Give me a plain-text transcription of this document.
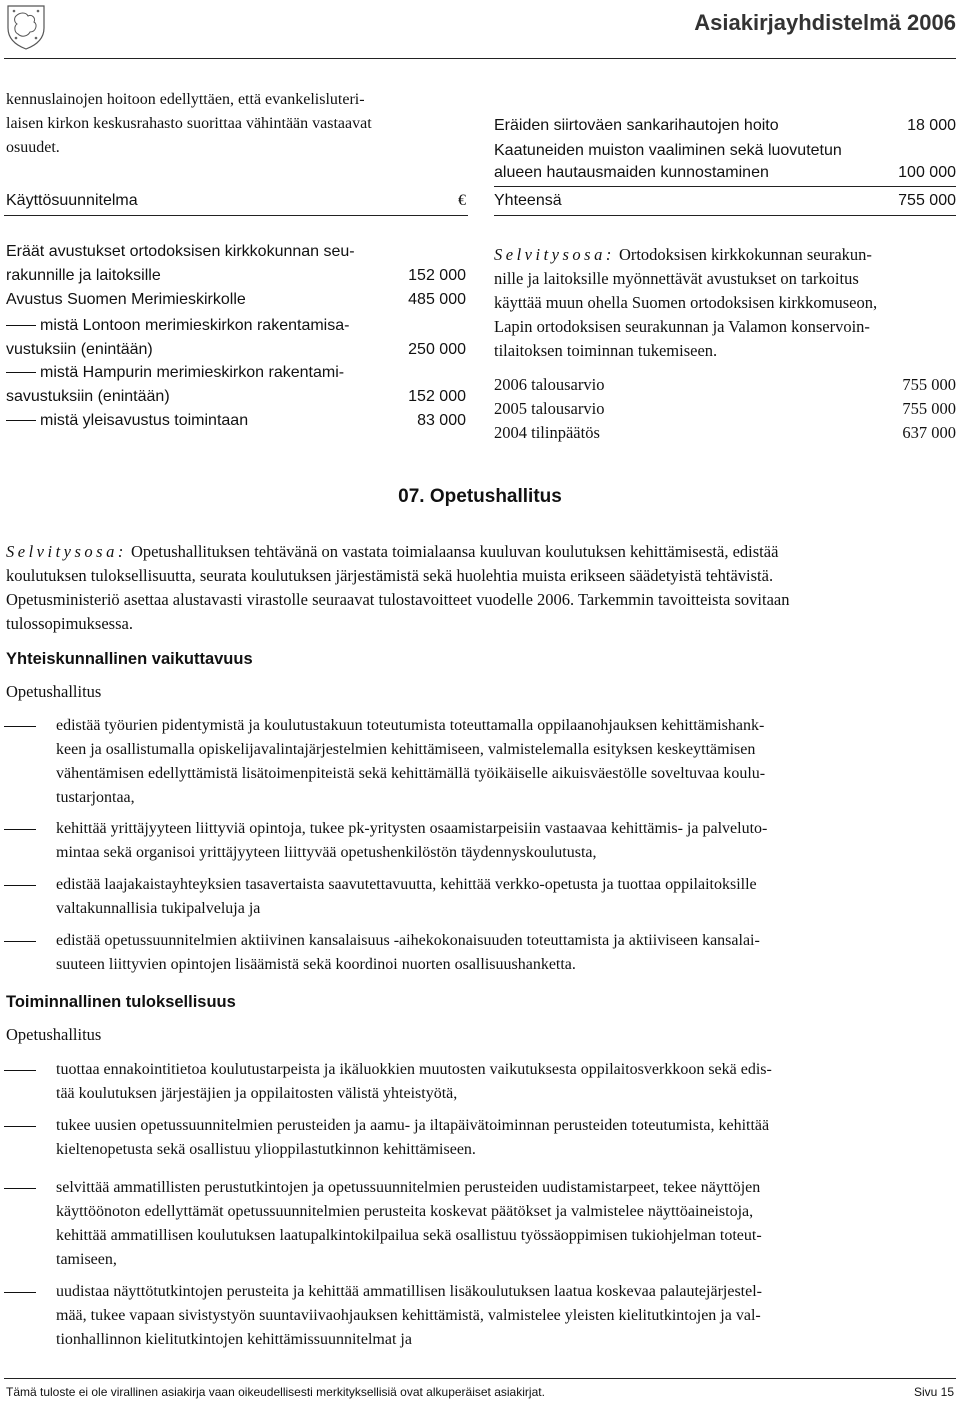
Asiakirjayhdistelmä 2006
kennuslainojen hoitoon edellyttäen, että evankelisluteri-
laisen kirkon keskusrahasto suorittaa vähintään vastaavat
osuudet.
Käyttösuunnitelma	€
Eräät avustukset ortodoksisen kirkkokunnan seu-
rakunnille ja laitoksille	152 000
Avustus Suomen Merimieskirkolle	485 000
mistä Lontoon merimieskirkon rakentamisa-
vustuksiin (enintään)	250 000
mistä Hampurin merimieskirkon rakentami-
savustuksiin (enintään)	152 000
mistä yleisavustus toimintaan	83 000
Eräiden siirtoväen sankarihautojen hoito	18 000
Kaatuneiden muiston vaaliminen sekä luovutetun
alueen hautausmaiden kunnostaminen	100 000
Yhteensä	755 000
Selvitysosa: Ortodoksisen kirkkokunnan seurakun-
nille ja laitoksille myönnettävät avustukset on tarkoitus
käyttää muun ohella Suomen ortodoksisen kirkkomuseon,
Lapin ortodoksisen seurakunnan ja Valamon konservoin-
tilaitoksen toiminnan tukemiseen.
2006 talousarvio	755 000
2005 talousarvio	755 000
2004 tilinpäätös	637 000
07. Opetushallitus
Selvitysosa: Opetushallituksen tehtävänä on vastata toimialaansa kuuluvan koulutuksen kehittämisestä, edistää
koulutuksen tuloksellisuutta, seurata koulutuksen järjestämistä sekä huolehtia muista erikseen säädetyistä tehtävistä.
Opetusministeriö asettaa alustavasti virastolle seuraavat tulostavoitteet vuodelle 2006. Tarkemmin tavoitteista sovitaan
tulossopimuksessa.
Yhteiskunnallinen vaikuttavuus
Opetushallitus
edistää työurien pidentymistä ja koulutustakuun toteutumista toteuttamalla oppilaanohjauksen kehittämishank-
keen ja osallistumalla opiskelijavalintajärjestelmien kehittämiseen, valmistelemalla esityksen keskeyttämisen
vähentämisen edellyttämistä lisätoimenpiteistä sekä kehittämällä työikäiselle aikuisväestölle soveltuvaa koulu-
tustarjontaa,
kehittää yrittäjyyteen liittyviä opintoja, tukee pk-yritysten osaamistarpeisiin vastaavaa kehittämis- ja palveluto-
mintaa sekä organisoi yrittäjyyteen liittyvää opetushenkilöstön täydennyskoulutusta,
edistää laajakaistayhteyksien tasavertaista saavutettavuutta, kehittää verkko-opetusta ja tuottaa oppilaitoksille
valtakunnallisia tukipalveluja ja
edistää opetussuunnitelmien aktiivinen kansalaisuus -aihekokonaisuuden toteuttamista ja aktiiviseen kansalai-
suuteen liittyvien opintojen lisäämistä sekä koordinoi nuorten osallisuushanketta.
Toiminnallinen tuloksellisuus
Opetushallitus
tuottaa ennakointitietoa koulutustarpeista ja ikäluokkien muutosten vaikutuksesta oppilaitosverkkoon sekä edis-
tää koulutuksen järjestäjien ja oppilaitosten välistä yhteistyötä,
tukee uusien opetussuunnitelmien perusteiden ja aamu- ja iltapäivätoiminnan perusteiden toteutumista, kehittää
kieltenopetusta sekä osallistuu ylioppilastutkinnon kehittämiseen.
selvittää ammatillisten perustutkintojen ja opetussuunnitelmien perusteiden uudistamistarpeet, tekee näyttöjen
käyttöönoton edellyttämät opetussuunnitelmien perusteita koskevat päätökset ja valmistelee näyttöaineistoja,
kehittää ammatillisen koulutuksen laatupalkintokilpailua sekä osallistuu työssäoppimisen tukiohjelman toteut-
tamiseen,
uudistaa näyttötutkintojen perusteita ja kehittää ammatillisen lisäkoulutuksen laatua koskevaa palautejärjestel-
mää, tukee vapaan sivistystyön suuntaviivaohjauksen kehittämistä, valmistelee yleisten kielitutkintojen ja val-
tionhallinnon kielitutkintojen kehittämissuunnitelmat ja
Tämä tuloste ei ole virallinen asiakirja vaan oikeudellisesti merkityksellisiä ovat alkuperäiset asiakirjat.	Sivu 15
